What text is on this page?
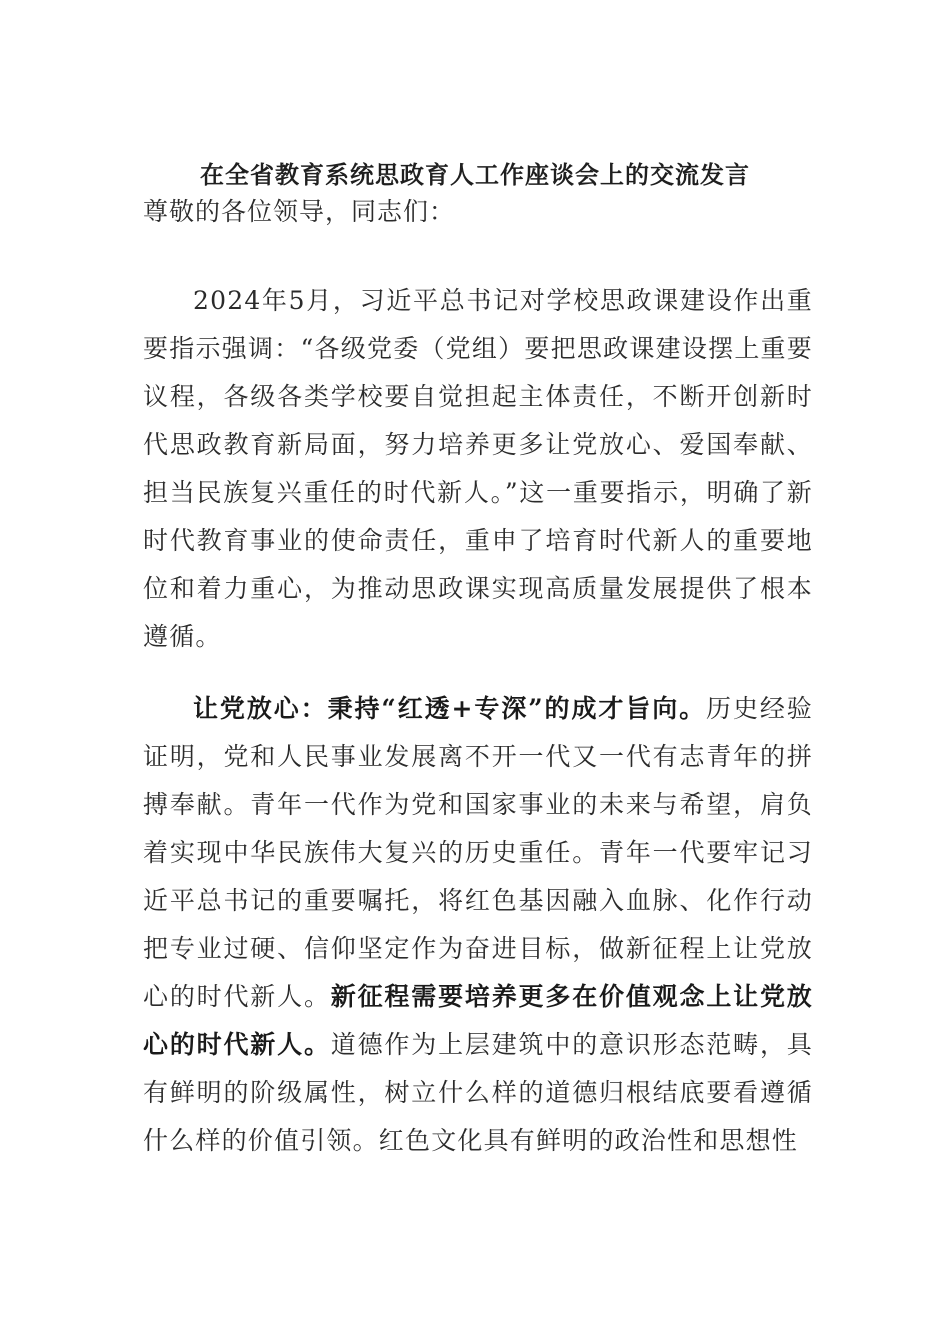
在全省教育系统思政育人工作座谈会上的交流发言
尊敬的各位领导，同志们：
2024年5月，习近平总书记对学校思政课建设作出重要指示强调：“各级党委（党组）要把思政课建设摆上重要议程，各级各类学校要自觉担起主体责任，不断开创新时代思政教育新局面，努力培养更多让党放心、爱国奉献、担当民族复兴重任的时代新人。”这一重要指示，明确了新时代教育事业的使命责任，重申了培育时代新人的重要地位和着力重心，为推动思政课实现高质量发展提供了根本遵循。
让党放心：秉持“红透+专深”的成才旨向。历史经验证明，党和人民事业发展离不开一代又一代有志青年的拼搏奉献。青年一代作为党和国家事业的未来与希望，肩负着实现中华民族伟大复兴的历史重任。青年一代要牢记习近平总书记的重要嘱托，将红色基因融入血脉、化作行动把专业过硬、信仰坚定作为奋进目标，做新征程上让党放心的时代新人。新征程需要培养更多在价值观念上让党放心的时代新人。道德作为上层建筑中的意识形态范畴，具有鲜明的阶级属性，树立什么样的道德归根结底要看遵循什么样的价值引领。红色文化具有鲜明的政治性和思想性
